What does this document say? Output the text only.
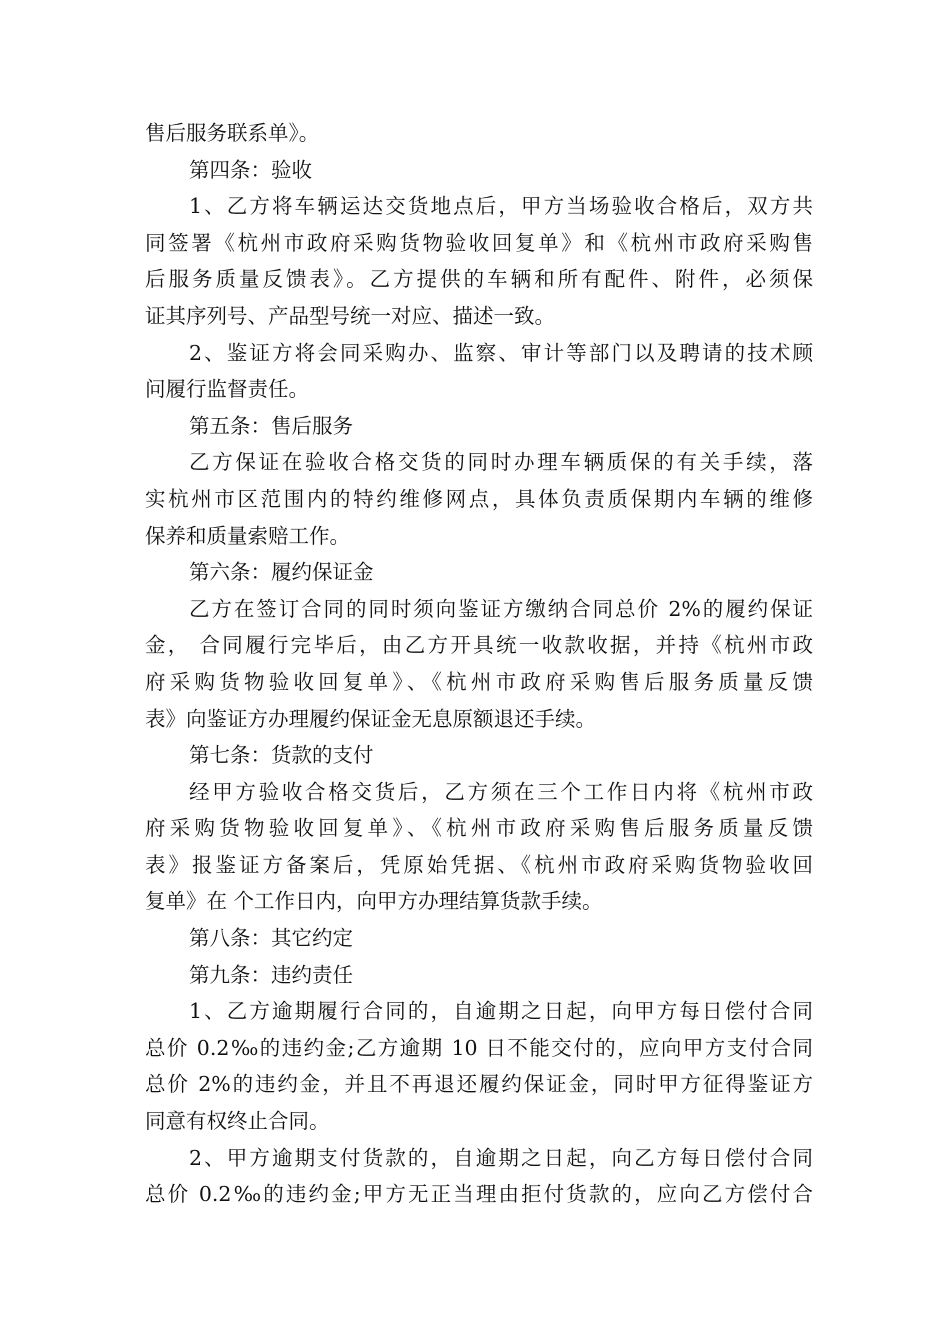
售后服务联系单》。
第四条：验收
1、乙方将车辆运达交货地点后，甲方当场验收合格后，双方共
同签署《杭州市政府采购货物验收回复单》和《杭州市政府采购售
后服务质量反馈表》。乙方提供的车辆和所有配件、附件，必须保
证其序列号、产品型号统一对应、描述一致。
2、鉴证方将会同采购办、监察、审计等部门以及聘请的技术顾
问履行监督责任。
第五条：售后服务
乙方保证在验收合格交货的同时办理车辆质保的有关手续，落
实杭州市区范围内的特约维修网点，具体负责质保期内车辆的维修
保养和质量索赔工作。
第六条：履约保证金
乙方在签订合同的同时须向鉴证方缴纳合同总价 2%的履约保证
金， 合同履行完毕后，由乙方开具统一收款收据，并持《杭州市政
府采购货物验收回复单》、《杭州市政府采购售后服务质量反馈
表》向鉴证方办理履约保证金无息原额退还手续。
第七条：货款的支付
经甲方验收合格交货后，乙方须在三个工作日内将《杭州市政
府采购货物验收回复单》、《杭州市政府采购售后服务质量反馈
表》报鉴证方备案后，凭原始凭据、《杭州市政府采购货物验收回
复单》在 个工作日内，向甲方办理结算货款手续。
第八条：其它约定
第九条：违约责任
1、乙方逾期履行合同的，自逾期之日起，向甲方每日偿付合同
总价 0.2‰的违约金;乙方逾期 10 日不能交付的，应向甲方支付合同
总价 2%的违约金，并且不再退还履约保证金，同时甲方征得鉴证方
同意有权终止合同。
2、甲方逾期支付货款的，自逾期之日起，向乙方每日偿付合同
总价 0.2‰的违约金;甲方无正当理由拒付货款的，应向乙方偿付合
